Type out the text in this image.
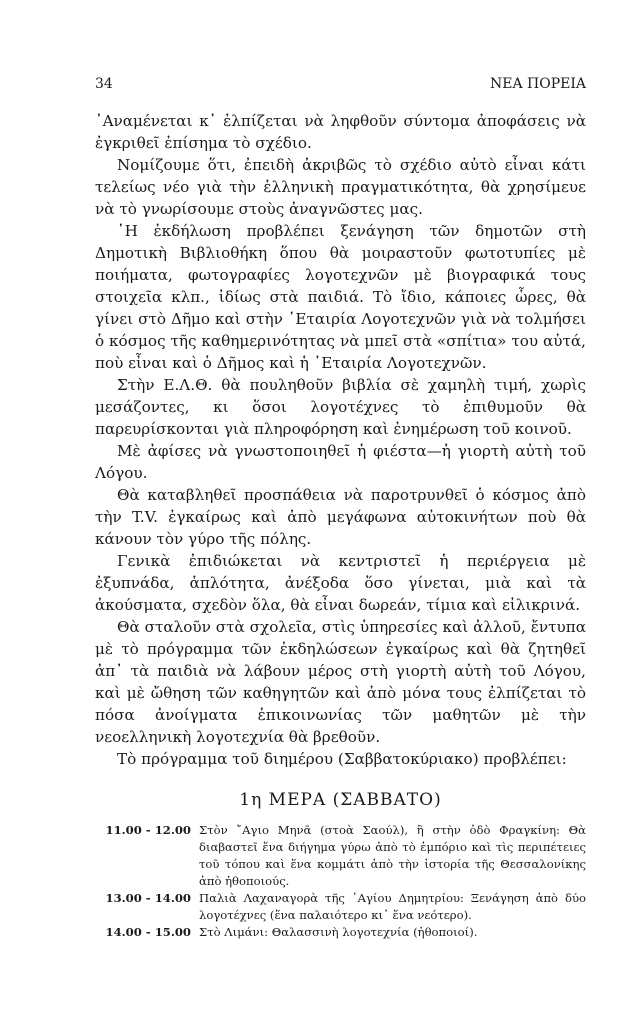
34	ΝΕΑ ΠΟΡΕΙΑ

᾽Αναμένεται κ᾽ ἐλπίζεται νὰ ληφθοῦν σύντομα ἀποφάσεις νὰ ἐγκριθεῖ ἐπίσημα τὸ σχέδιο.

Νομίζουμε ὅτι, ἐπειδὴ ἀκριβῶς τὸ σχέδιο αὐτὸ εἶναι κάτι τελείως νέο γιὰ τὴν ἑλληνικὴ πραγματικότητα, θὰ χρησίμευε νὰ τὸ γνωρίσουμε στοὺς ἀναγνῶστες μας.

῾Η ἐκδήλωση προβλέπει ξενάγηση τῶν δημοτῶν στὴ Δημοτικὴ Βιβλιοθήκη ὅπου θὰ μοιραστοῦν φωτοτυπίες μὲ ποιήματα, φωτογραφίες λογοτεχνῶν μὲ βιογραφικά τους στοιχεῖα κλπ., ἰδίως στὰ παιδιά. Τὸ ἴδιο, κάποιες ὧρες, θὰ γίνει στὸ Δῆμο καὶ στὴν ῾Εταιρία Λογοτεχνῶν γιὰ νὰ τολμήσει ὁ κόσμος τῆς καθημερινότητας νὰ μπεῖ στὰ «σπίτια» του αὐτά, ποὺ εἶναι καὶ ὁ Δῆμος καὶ ἡ ῾Εταιρία Λογοτεχνῶν.

Στὴν Ε.Λ.Θ. θὰ πουληθοῦν βιβλία σὲ χαμηλὴ τιμή, χωρὶς μεσάζοντες, κι ὅσοι λογοτέχνες τὸ ἐπιθυμοῦν θὰ παρευρίσκονται γιὰ πληροφόρηση καὶ ἐνημέρωση τοῦ κοινοῦ.

Μὲ ἀφίσες νὰ γνωστοποιηθεῖ ἡ φιέστα—ἡ γιορτὴ αὐτὴ τοῦ Λόγου.

Θὰ καταβληθεῖ προσπάθεια νὰ παροτρυνθεῖ ὁ κόσμος ἀπὸ τὴν T.V. ἐγκαίρως καὶ ἀπὸ μεγάφωνα αὐτοκινήτων ποὺ θὰ κάνουν τὸν γύρο τῆς πόλης.

Γενικὰ ἐπιδιώκεται νὰ κεντριστεῖ ἡ περιέργεια μὲ ἐξυπνάδα, ἁπλότητα, ἀνέξοδα ὅσο γίνεται, μιὰ καὶ τὰ ἀκούσματα, σχεδὸν ὅλα, θὰ εἶναι δωρεάν, τίμια καὶ εἰλικρινά.

Θὰ σταλοῦν στὰ σχολεῖα, στὶς ὑπηρεσίες καὶ ἀλλοῦ, ἔντυπα μὲ τὸ πρόγραμμα τῶν ἐκδηλώσεων ἐγκαίρως καὶ θὰ ζητηθεῖ ἀπ᾽ τὰ παιδιὰ νὰ λάβουν μέρος στὴ γιορτὴ αὐτὴ τοῦ Λόγου, καὶ μὲ ὤθηση τῶν καθηγητῶν καὶ ἀπὸ μόνα τους ἐλπίζεται τὸ πόσα ἀνοίγματα ἐπικοινωνίας τῶν μαθητῶν μὲ τὴν νεοελληνικὴ λογοτεχνία θὰ βρεθοῦν.

Τὸ πρόγραμμα τοῦ διημέρου (Σαββατοκύριακο) προβλέπει:

1η ΜΕΡΑ (ΣΑΒΒΑΤΟ)
11.00 - 12.00 Στὸν ῎Αγιο Μηνᾶ (στοὰ Σαούλ), ἢ στὴν ὁδὸ Φραγκίνη: Θὰ διαβαστεῖ ἕνα διήγημα γύρω ἀπὸ τὸ ἐμπόριο καὶ τὶς περιπέτειες τοῦ τόπου καὶ ἕνα κομμάτι ἀπὸ τὴν ἱστορία τῆς Θεσσαλονίκης ἀπὸ ἠθοποιούς.
13.00 - 14.00 Παλιὰ Λαχαναγορὰ τῆς ῾Αγίου Δημητρίου: Ξενάγηση ἀπὸ δύο λογοτέχνες (ἕνα παλαιότερο κι᾽ ἕνα νεότερο).
14.00 - 15.00 Στὸ Λιμάνι: Θαλασσινὴ λογοτεχνία (ἠθοποιοί).
